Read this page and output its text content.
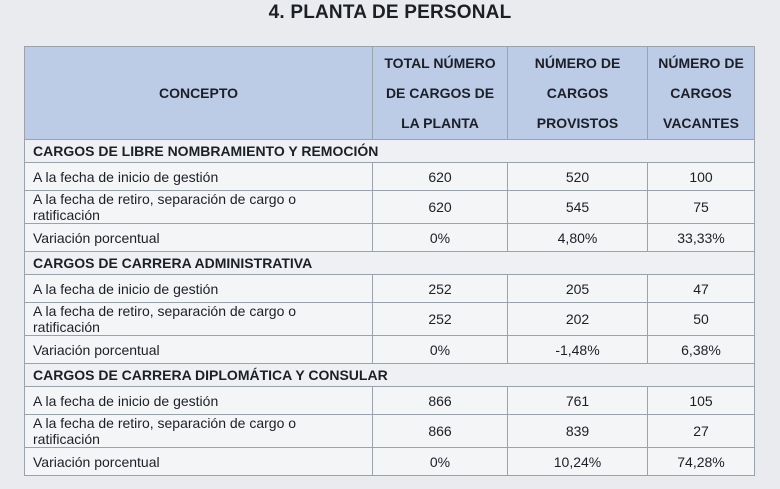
4. PLANTA DE PERSONAL
CONCEPTO	TOTAL NÚMERO DE CARGOS DE LA PLANTA	NÚMERO DE CARGOS PROVISTOS	NÚMERO DE CARGOS VACANTES
CARGOS DE LIBRE NOMBRAMIENTO Y REMOCIÓN			
A la fecha de inicio de gestión	620	520	100
A la fecha de retiro, separación de cargo o ratificación	620	545	75
Variación porcentual	0%	4,80%	33,33%
CARGOS DE CARRERA ADMINISTRATIVA			
A la fecha de inicio de gestión	252	205	47
A la fecha de retiro, separación de cargo o ratificación	252	202	50
Variación porcentual	0%	-1,48%	6,38%
CARGOS DE CARRERA DIPLOMÁTICA Y CONSULAR			
A la fecha de inicio de gestión	866	761	105
A la fecha de retiro, separación de cargo o ratificación	866	839	27
Variación porcentual	0%	10,24%	74,28%
